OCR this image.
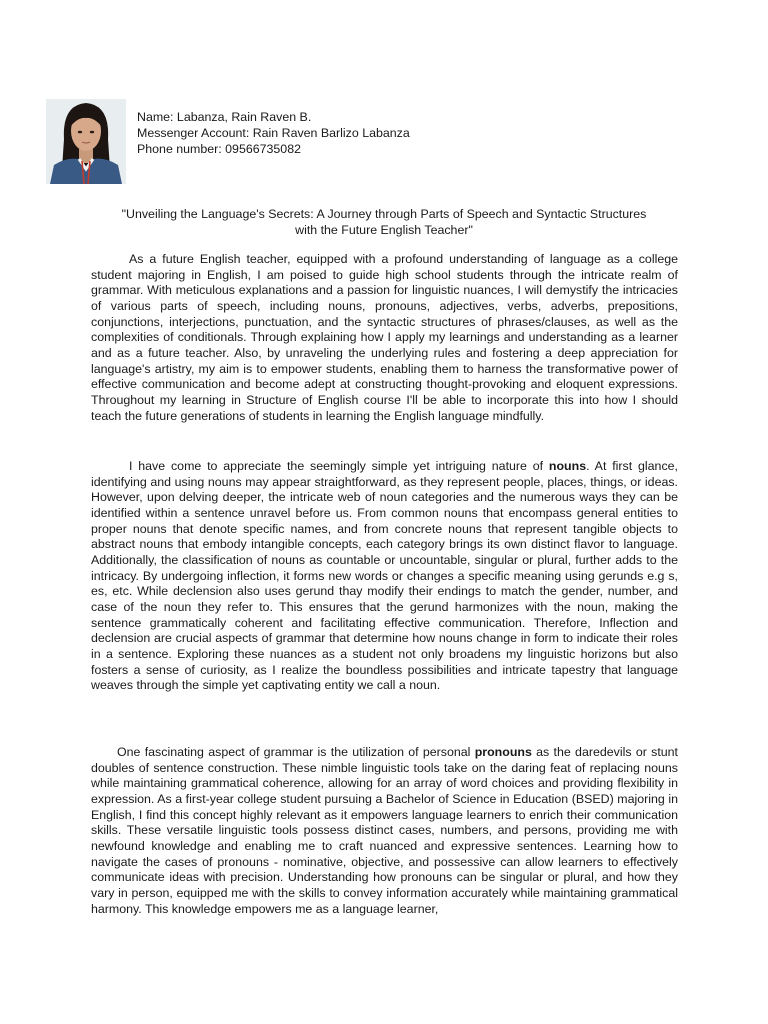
Name: Labanza, Rain Raven B.
Messenger Account: Rain Raven Barlizo Labanza
Phone number: 09566735082
"Unveiling the Language's Secrets: A Journey through Parts of Speech and Syntactic Structures
with the Future English Teacher"
As a future English teacher, equipped with a profound understanding of language as a college student majoring in English, I am poised to guide high school students through the intricate realm of grammar. With meticulous explanations and a passion for linguistic nuances, I will demystify the intricacies of various parts of speech, including nouns, pronouns, adjectives, verbs, adverbs, prepositions, conjunctions, interjections, punctuation, and the syntactic structures of phrases/clauses, as well as the complexities of conditionals. Through explaining how I apply my learnings and understanding as a learner and as a future teacher. Also, by unraveling the underlying rules and fostering a deep appreciation for language's artistry, my aim is to empower students, enabling them to harness the transformative power of effective communication and become adept at constructing thought-provoking and eloquent expressions. Throughout my learning in Structure of English course I'll be able to incorporate this into how I should teach the future generations of students in learning the English language mindfully.
I have come to appreciate the seemingly simple yet intriguing nature of nouns. At first glance, identifying and using nouns may appear straightforward, as they represent people, places, things, or ideas. However, upon delving deeper, the intricate web of noun categories and the numerous ways they can be identified within a sentence unravel before us. From common nouns that encompass general entities to proper nouns that denote specific names, and from concrete nouns that represent tangible objects to abstract nouns that embody intangible concepts, each category brings its own distinct flavor to language. Additionally, the classification of nouns as countable or uncountable, singular or plural, further adds to the intricacy. By undergoing inflection, it forms new words or changes a specific meaning using gerunds e.g s, es, etc. While declension also uses gerund thay modify their endings to match the gender, number, and case of the noun they refer to. This ensures that the gerund harmonizes with the noun, making the sentence grammatically coherent and facilitating effective communication. Therefore, Inflection and declension are crucial aspects of grammar that determine how nouns change in form to indicate their roles in a sentence. Exploring these nuances as a student not only broadens my linguistic horizons but also fosters a sense of curiosity, as I realize the boundless possibilities and intricate tapestry that language weaves through the simple yet captivating entity we call a noun.
One fascinating aspect of grammar is the utilization of personal pronouns as the daredevils or stunt doubles of sentence construction. These nimble linguistic tools take on the daring feat of replacing nouns while maintaining grammatical coherence, allowing for an array of word choices and providing flexibility in expression. As a first-year college student pursuing a Bachelor of Science in Education (BSED) majoring in English, I find this concept highly relevant as it empowers language learners to enrich their communication skills. These versatile linguistic tools possess distinct cases, numbers, and persons, providing me with newfound knowledge and enabling me to craft nuanced and expressive sentences. Learning how to navigate the cases of pronouns - nominative, objective, and possessive can allow learners to effectively communicate ideas with precision. Understanding how pronouns can be singular or plural, and how they vary in person, equipped me with the skills to convey information accurately while maintaining grammatical harmony. This knowledge empowers me as a language learner,
